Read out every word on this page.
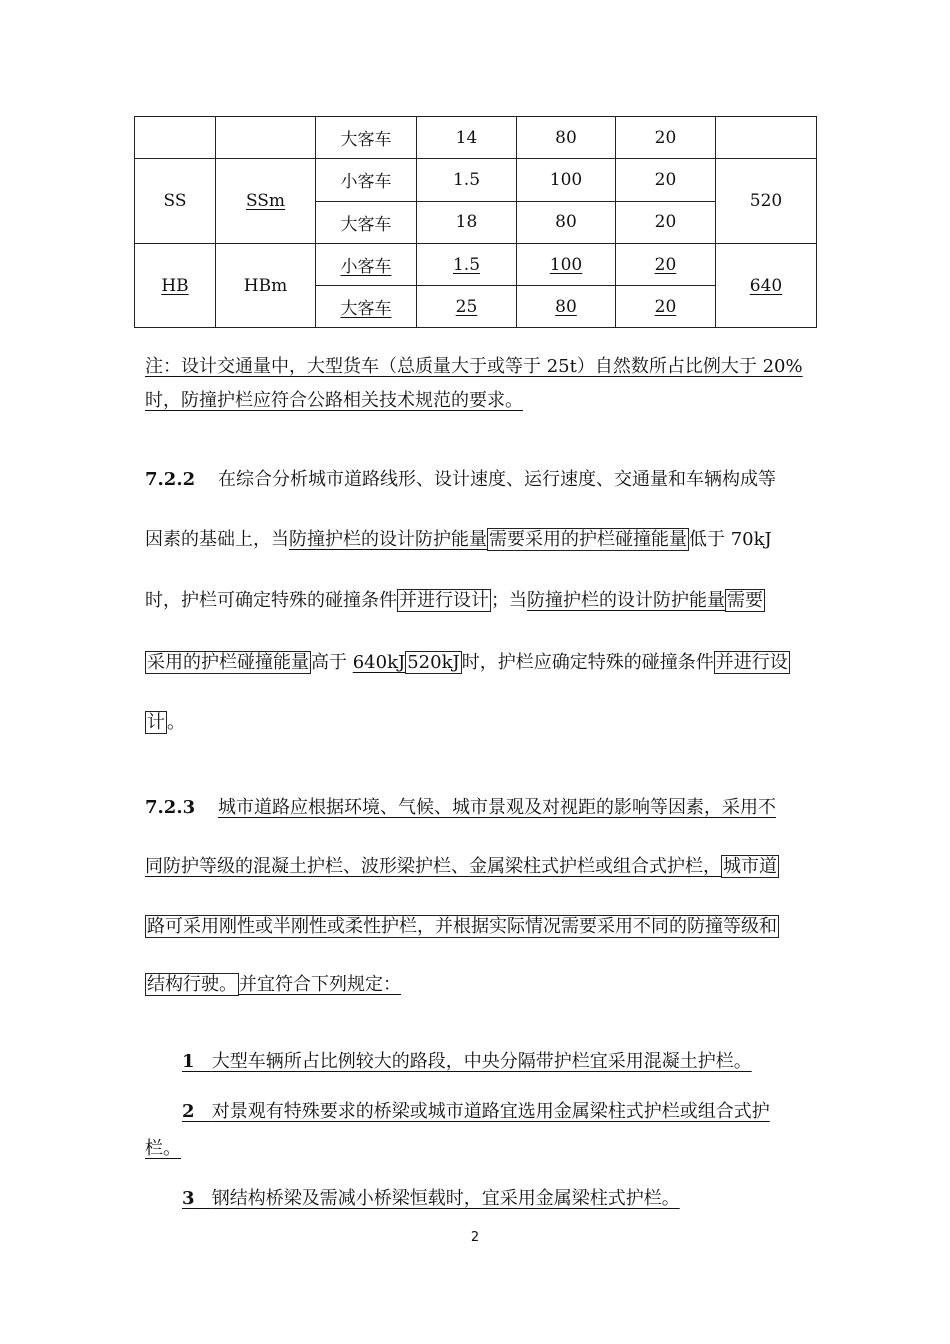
		大客车	14	80	20	
SS	SSm	小客车	1.5	100	20	520
		大客车	18	80	20	
HB	HBm	小客车	1.5	100	20	640
		大客车	25	80	20	
注：设计交通量中，大型货车（总质量大于或等于 25t）自然数所占比例大于 20%
时，防撞护栏应符合公路相关技术规范的要求。
7.2.2 在综合分析城市道路线形、设计速度、运行速度、交通量和车辆构成等
因素的基础上，当防撞护栏的设计防护能量 需要采用的护栏碰撞能量 低于 70kJ
时，护栏可确定特殊的碰撞条件 并进行设计 ；当防撞护栏的设计防护能量 需要
采用的护栏碰撞能量 高于 640kJ 520kJ 时，护栏应确定特殊的碰撞条件 并进行设
计 。
7.2.3 城市道路应根据环境、气候、城市景观及对视距的影响等因素，采用不
同防护等级的混凝土护栏、波形梁护栏、金属梁柱式护栏或组合式护栏， 城市道
路可采用刚性或半刚性或柔性护栏，并根据实际情况需要采用不同的防撞等级和
结构行驶。 并宜符合下列规定：
1 大型车辆所占比例较大的路段，中央分隔带护栏宜采用混凝土护栏。
2 对景观有特殊要求的桥梁或城市道路宜选用金属梁柱式护栏或组合式护
栏。
3 钢结构桥梁及需减小桥梁恒载时，宜采用金属梁柱式护栏。
2
